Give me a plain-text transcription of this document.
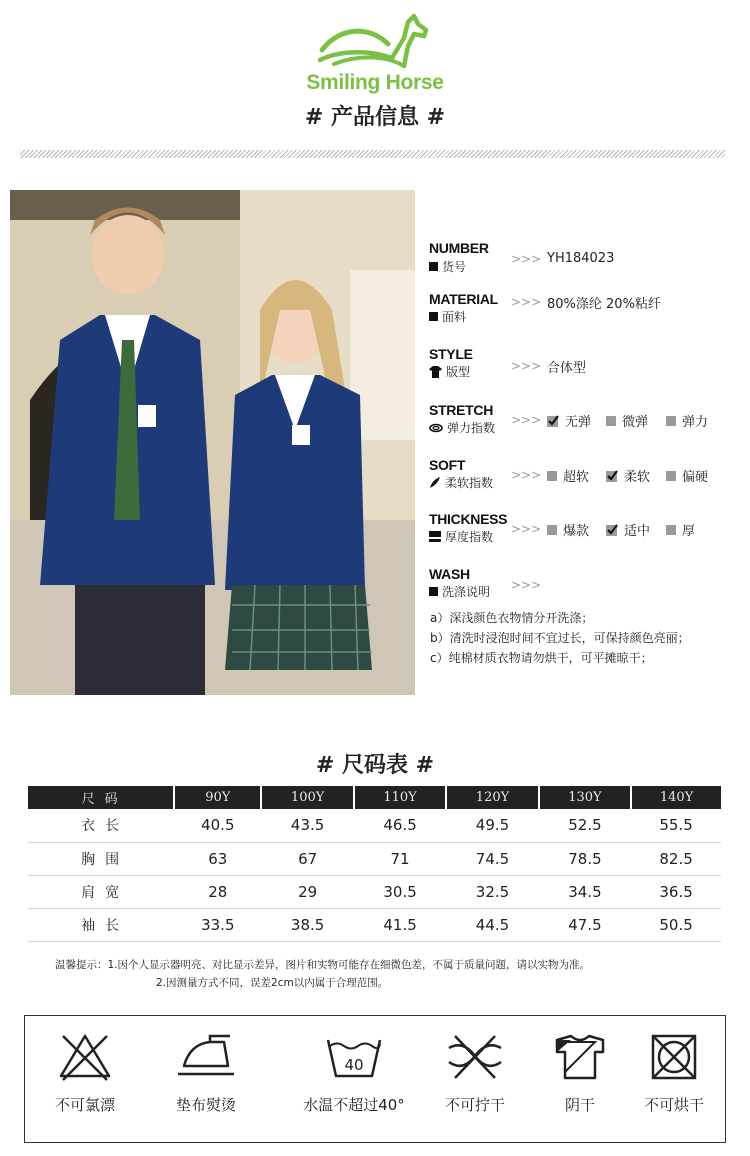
Smiling Horse
# 产品信息 #
NUMBER
货号
>>> YH184023
MATERIAL
面料
>>> 80%涤纶 20%粘纤
STYLE
版型	>>> 合体型
STRETCH
弹力指数
>>> 无弹 微弹	弹力
SOFT
柔软指数
>>> 超软	柔软 偏硬
THICKNESS
厚度指数
>>> 爆款	适中 厚
WASH
洗涤说明 >>>
a）深浅颜色衣物情分开洗涤；
b）清洗时浸泡时间不宜过长，可保持颜色亮丽；
c）纯棉材质衣物请勿烘干，可平摊晾干；
# 尺码表 #
尺码	90Y	100Y	110Y	120Y	130Y	140Y
衣长	40.5	43.5	46.5	49.5	52.5	55.5
胸围	63	67	71	74.5	78.5	82.5
肩宽	28	29	30.5	32.5	34.5	36.5
袖长	33.5	38.5	41.5	44.5	47.5	50.5
温馨提示：1.因个人显示器明亮、对比显示差异，图片和实物可能存在细微色差，不属于质量问题，请以实物为准。
2.因测量方式不同，误差2cm以内属于合理范围。
不可氯漂	垫布熨烫
40
水温不超过40°	不可拧干	阴干	不可烘干
